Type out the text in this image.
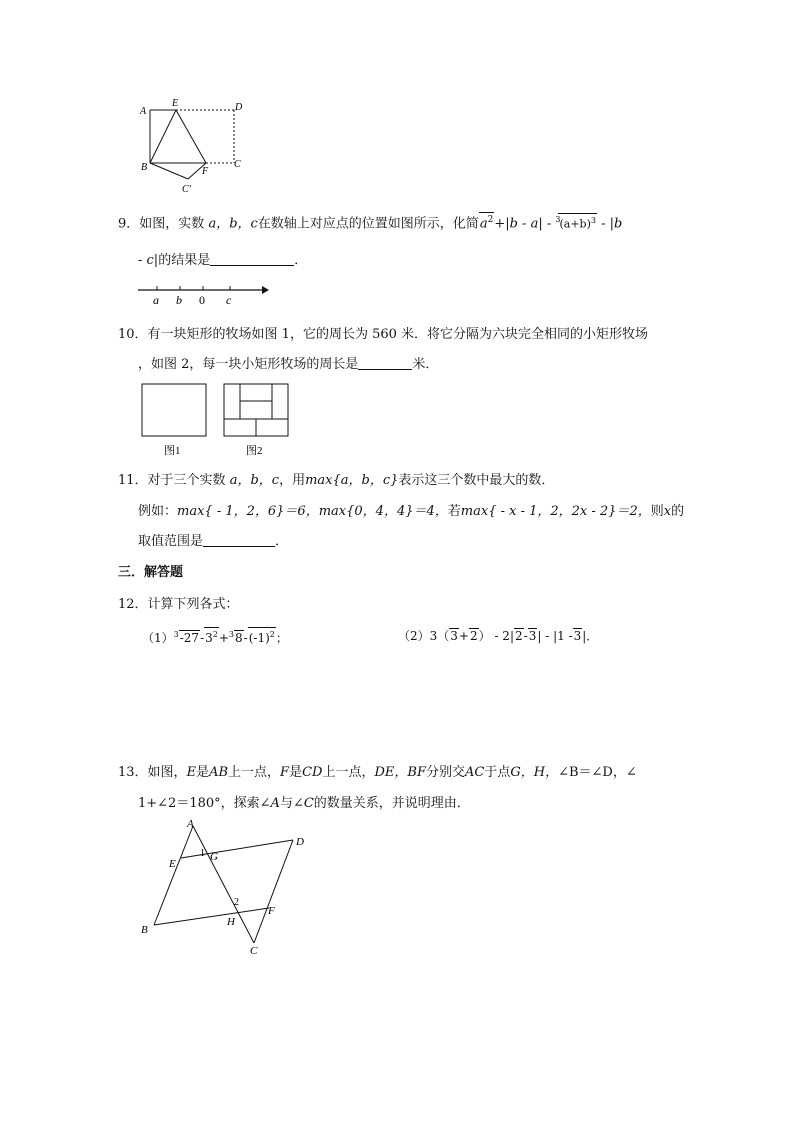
A
E	D
B	F
C
C'
9．如图，实数 a，b，c在数轴上对应点的位置如图所示，化简$a^2+|b - a| - ^3(a+b)^3 - |b$
- c|的结果是	．
a b 0 c
10．有一块矩形的牧场如图 1，它的周长为 560 米．将它分隔为六块完全相同的小矩形牧场
，如图 2，每一块小矩形牧场的周长是	米．
图1	图2
11．对于三个实数 a，b，c，用max{a，b，c}表示这三个数中最大的数．
例如：max{ - 1，2，6}＝6，max{0，4，4}＝4，若max{ - x - 1，2，2x - 2}＝2，则x的
取值范围是	．
三．解答题
12．计算下列各式：
$(1)^3-27-3^2+^38-(-1)^2$；	（2）3（3+2） - 2|2-3| - |1 -3|．
13．如图，E是AB上一点，F是CD上一点，DE，BF分别交AC于点G，H，∠B＝∠D，∠
1+∠2＝180°，探索∠A与∠C的数量关系，并说明理由．
A
E
1 G
D
2
F
H
B
C
